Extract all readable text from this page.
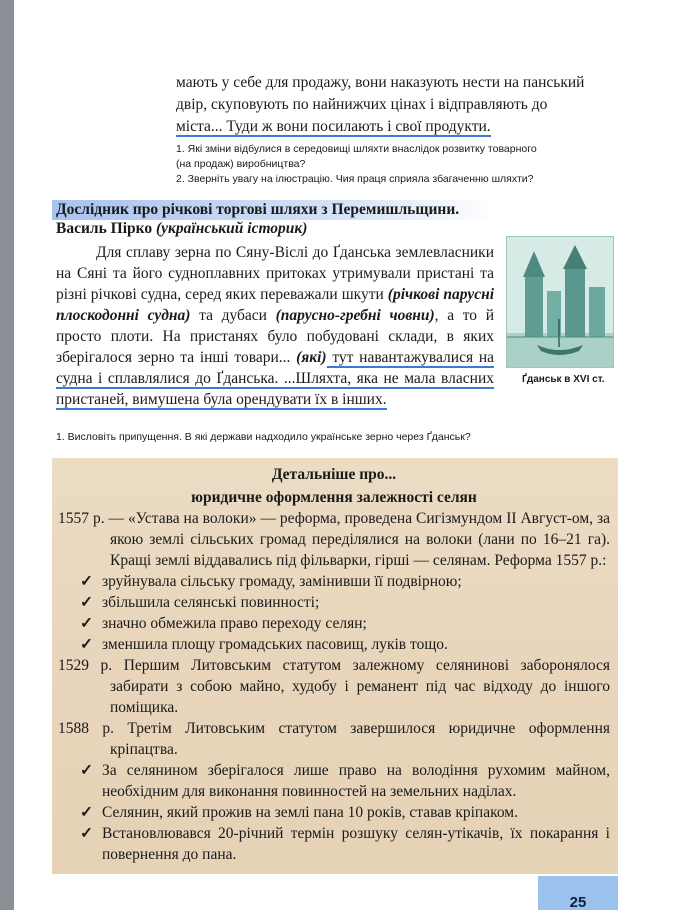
мають у себе для продажу, вони наказують нести на панський

двір, скуповують по найнижчих цінах і відправляють до

міста... Туди ж вони посилають і свої продукти.

1. Які зміни відбулися в середовищі шляхти внаслідок розвитку товарного

(на продаж) виробництва?

2. Зверніть увагу на ілюстрацію. Чия праця сприяла збагаченню шляхти?

Дослідник про річкові торгові шляхи з Перемишльщини.
Василь Пірко (український історик)

Для сплаву зерна по Сяну-Віслі до Ґданська землевласники на Сяні та його судноплавних притоках утримували пристані та різні річкові судна, серед яких переважали шкути (річкові парусні плоскодонні судна) та дубаси (парусно-гребні човни), а то й просто плоти. На пристанях було побудовані склади, в яких зберігалося зерно та інші товари... (які) тут навантажувалися на судна і сплавлялися до Ґданська. ...Шляхта, яка не мала власних пристаней, вимушена була орендувати їх в інших.

Ґданськ в XVI ст.

1. Висловіть припущення. В які держави надходило українське зерно через Ґданськ?

Детальніше про...

юридичне оформлення залежності селян

1557 р. — «Устава на волоки» — реформа, проведена Сигізмундом ІІ Август-ом, за якою землі сільських громад переділялися на волоки (лани по 16–21 га). Кращі землі віддавались під фільварки, гірші — селянам. Реформа 1557 р.:

✓ зруйнувала сільську громаду, замінивши її подвірною;
✓ збільшила селянські повинності;
✓ значно обмежила право переходу селян;
✓ зменшила площу громадських пасовищ, луків тощо.

1529 р. Першим Литовським статутом залежному селянинові заборонялося забирати з собою майно, худобу і реманент під час відходу до іншого поміщика.

1588 р. Третім Литовським статутом завершилося юридичне оформлення кріпацтва.

✓ За селянином зберігалося лише право на володіння рухомим майном, необхідним для виконання повинностей на земельних наділах.
✓ Селянин, який прожив на землі пана 10 років, ставав кріпаком.
✓ Встановлювався 20-річний термін розшуку селян-утікачів, їх покарання і повернення до пана.
25
